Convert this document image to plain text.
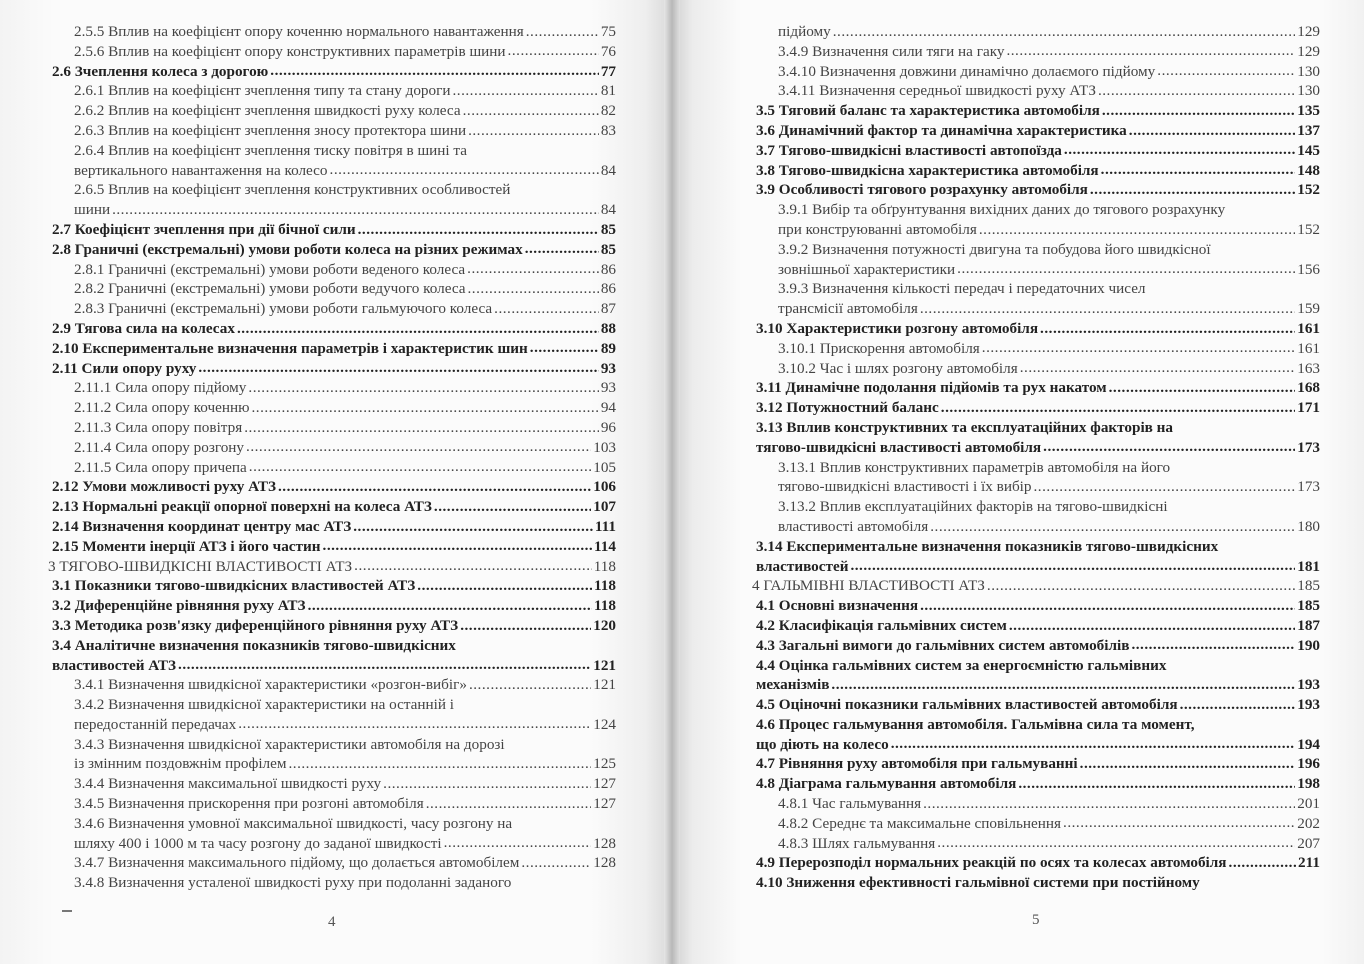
2.5.5 Вплив на коефіцієнт опору коченню нормального навантаження .....	75
2.5.6 Вплив на коефіцієнт опору конструктивних параметрів шини .....	76
2.6 Зчеплення колеса з дорогою .....	77
2.6.1 Вплив на коефіцієнт зчеплення типу та стану дороги .....	81
2.6.2 Вплив на коефіцієнт зчеплення швидкості руху колеса .....	82
2.6.3 Вплив на коефіцієнт зчеплення зносу протектора шини .....	83
2.6.4 Вплив на коефіцієнт зчеплення тиску повітря в шині та
вертикального навантаження на колесо .....	84
2.6.5 Вплив на коефіцієнт зчеплення конструктивних особливостей
шини .....	84
2.7 Коефіцієнт зчеплення при дії бічної сили .....	85
2.8 Граничні (екстремальні) умови роботи колеса на різних режимах .....	85
2.8.1 Граничні (екстремальні) умови роботи веденого колеса .....	86
2.8.2 Граничні (екстремальні) умови роботи ведучого колеса .....	86
2.8.3 Граничні (екстремальні) умови роботи гальмуючого колеса .....	87
2.9 Тягова сила на колесах .....	88
2.10 Експериментальне визначення параметрів і характеристик шин .....	89
2.11 Сили опору руху .....	93
2.11.1 Сила опору підйому .....	93
2.11.2 Сила опору коченню .....	94
2.11.3 Сила опору повітря .....	96
2.11.4 Сила опору розгону .....	103
2.11.5 Сила опору причепа .....	105
2.12 Умови можливості руху АТЗ .....	106
2.13 Нормальні реакції опорної поверхні на колеса АТЗ .....	107
2.14 Визначення координат центру мас АТЗ .....	111
2.15 Моменти інерції АТЗ і його частин .....	114
3 ТЯГОВО-ШВИДКІСНІ ВЛАСТИВОСТІ АТЗ .....	118
3.1 Показники тягово-швидкісних властивостей АТЗ .....	118
3.2 Диференційне рівняння руху АТЗ .....	118
3.3 Методика розв'язку диференційного рівняння руху АТЗ .....	120
3.4 Аналітичне визначення показників тягово-швидкісних
властивостей АТЗ .....	121
3.4.1 Визначення швидкісної характеристики «розгон-вибіг» .....	121
3.4.2 Визначення швидкісної характеристики на останній і
передостанній передачах .....	124
3.4.3 Визначення швидкісної характеристики автомобіля на дорозі
із змінним поздовжнім профілем .....	125
3.4.4 Визначення максимальної швидкості руху .....	127
3.4.5 Визначення прискорення при розгоні автомобіля .....	127
3.4.6 Визначення умовної максимальної швидкості, часу розгону на
шляху 400 і 1000 м та часу розгону до заданої швидкості .....	128
3.4.7 Визначення максимального підйому, що долається автомобілем .....	128
3.4.8 Визначення усталеної швидкості руху при подоланні заданого
підйому .....	129
3.4.9 Визначення сили тяги на гаку .....	129
3.4.10 Визначення довжини динамічно долаємого підйому .....	130
3.4.11 Визначення середньої швидкості руху АТЗ .....	130
3.5 Тяговий баланс та характеристика автомобіля .....	135
3.6 Динамічний фактор та динамічна характеристика .....	137
3.7 Тягово-швидкісні властивості автопоїзда .....	145
3.8 Тягово-швидкісна характеристика автомобіля .....	148
3.9 Особливості тягового розрахунку автомобіля .....	152
3.9.1 Вибір та обґрунтування вихідних даних до тягового розрахунку
при конструюванні автомобіля .....	152
3.9.2 Визначення потужності двигуна та побудова його швидкісної
зовнішньої характеристики .....	156
3.9.3 Визначення кількості передач і передаточних чисел
трансмісії автомобіля .....	159
3.10 Характеристики розгону автомобіля .....	161
3.10.1 Прискорення автомобіля .....	161
3.10.2 Час і шлях розгону автомобіля .....	163
3.11 Динамічне подолання підйомів та рух накатом .....	168
3.12 Потужностний баланс .....	171
3.13 Вплив конструктивних та експлуатаційних факторів на
тягово-швидкісні властивості автомобіля .....	173
3.13.1 Вплив конструктивних параметрів автомобіля на його
тягово-швидкісні властивості і їх вибір .....	173
3.13.2 Вплив експлуатаційних факторів на тягово-швидкісні
властивості автомобіля .....	180
3.14 Експериментальне визначення показників тягово-швидкісних
властивостей .....	181
4 ГАЛЬМІВНІ ВЛАСТИВОСТІ АТЗ .....	185
4.1 Основні визначення .....	185
4.2 Класифікація гальмівних систем .....	187
4.3 Загальні вимоги до гальмівних систем автомобілів .....	190
4.4 Оцінка гальмівних систем за енергоємністю гальмівних
механізмів .....	193
4.5 Оціночні показники гальмівних властивостей автомобіля .....	193
4.6 Процес гальмування автомобіля. Гальмівна сила та момент,
що діють на колесо .....	194
4.7 Рівняння руху автомобіля при гальмуванні .....	196
4.8 Діаграма гальмування автомобіля .....	198
4.8.1 Час гальмування .....	201
4.8.2 Середнє та максимальне сповільнення .....	202
4.8.3 Шлях гальмування .....	207
4.9 Перерозподіл нормальних реакцій по осях та колесах автомобіля .....	211
4.10 Зниження ефективності гальмівної системи при постійному
4	5
